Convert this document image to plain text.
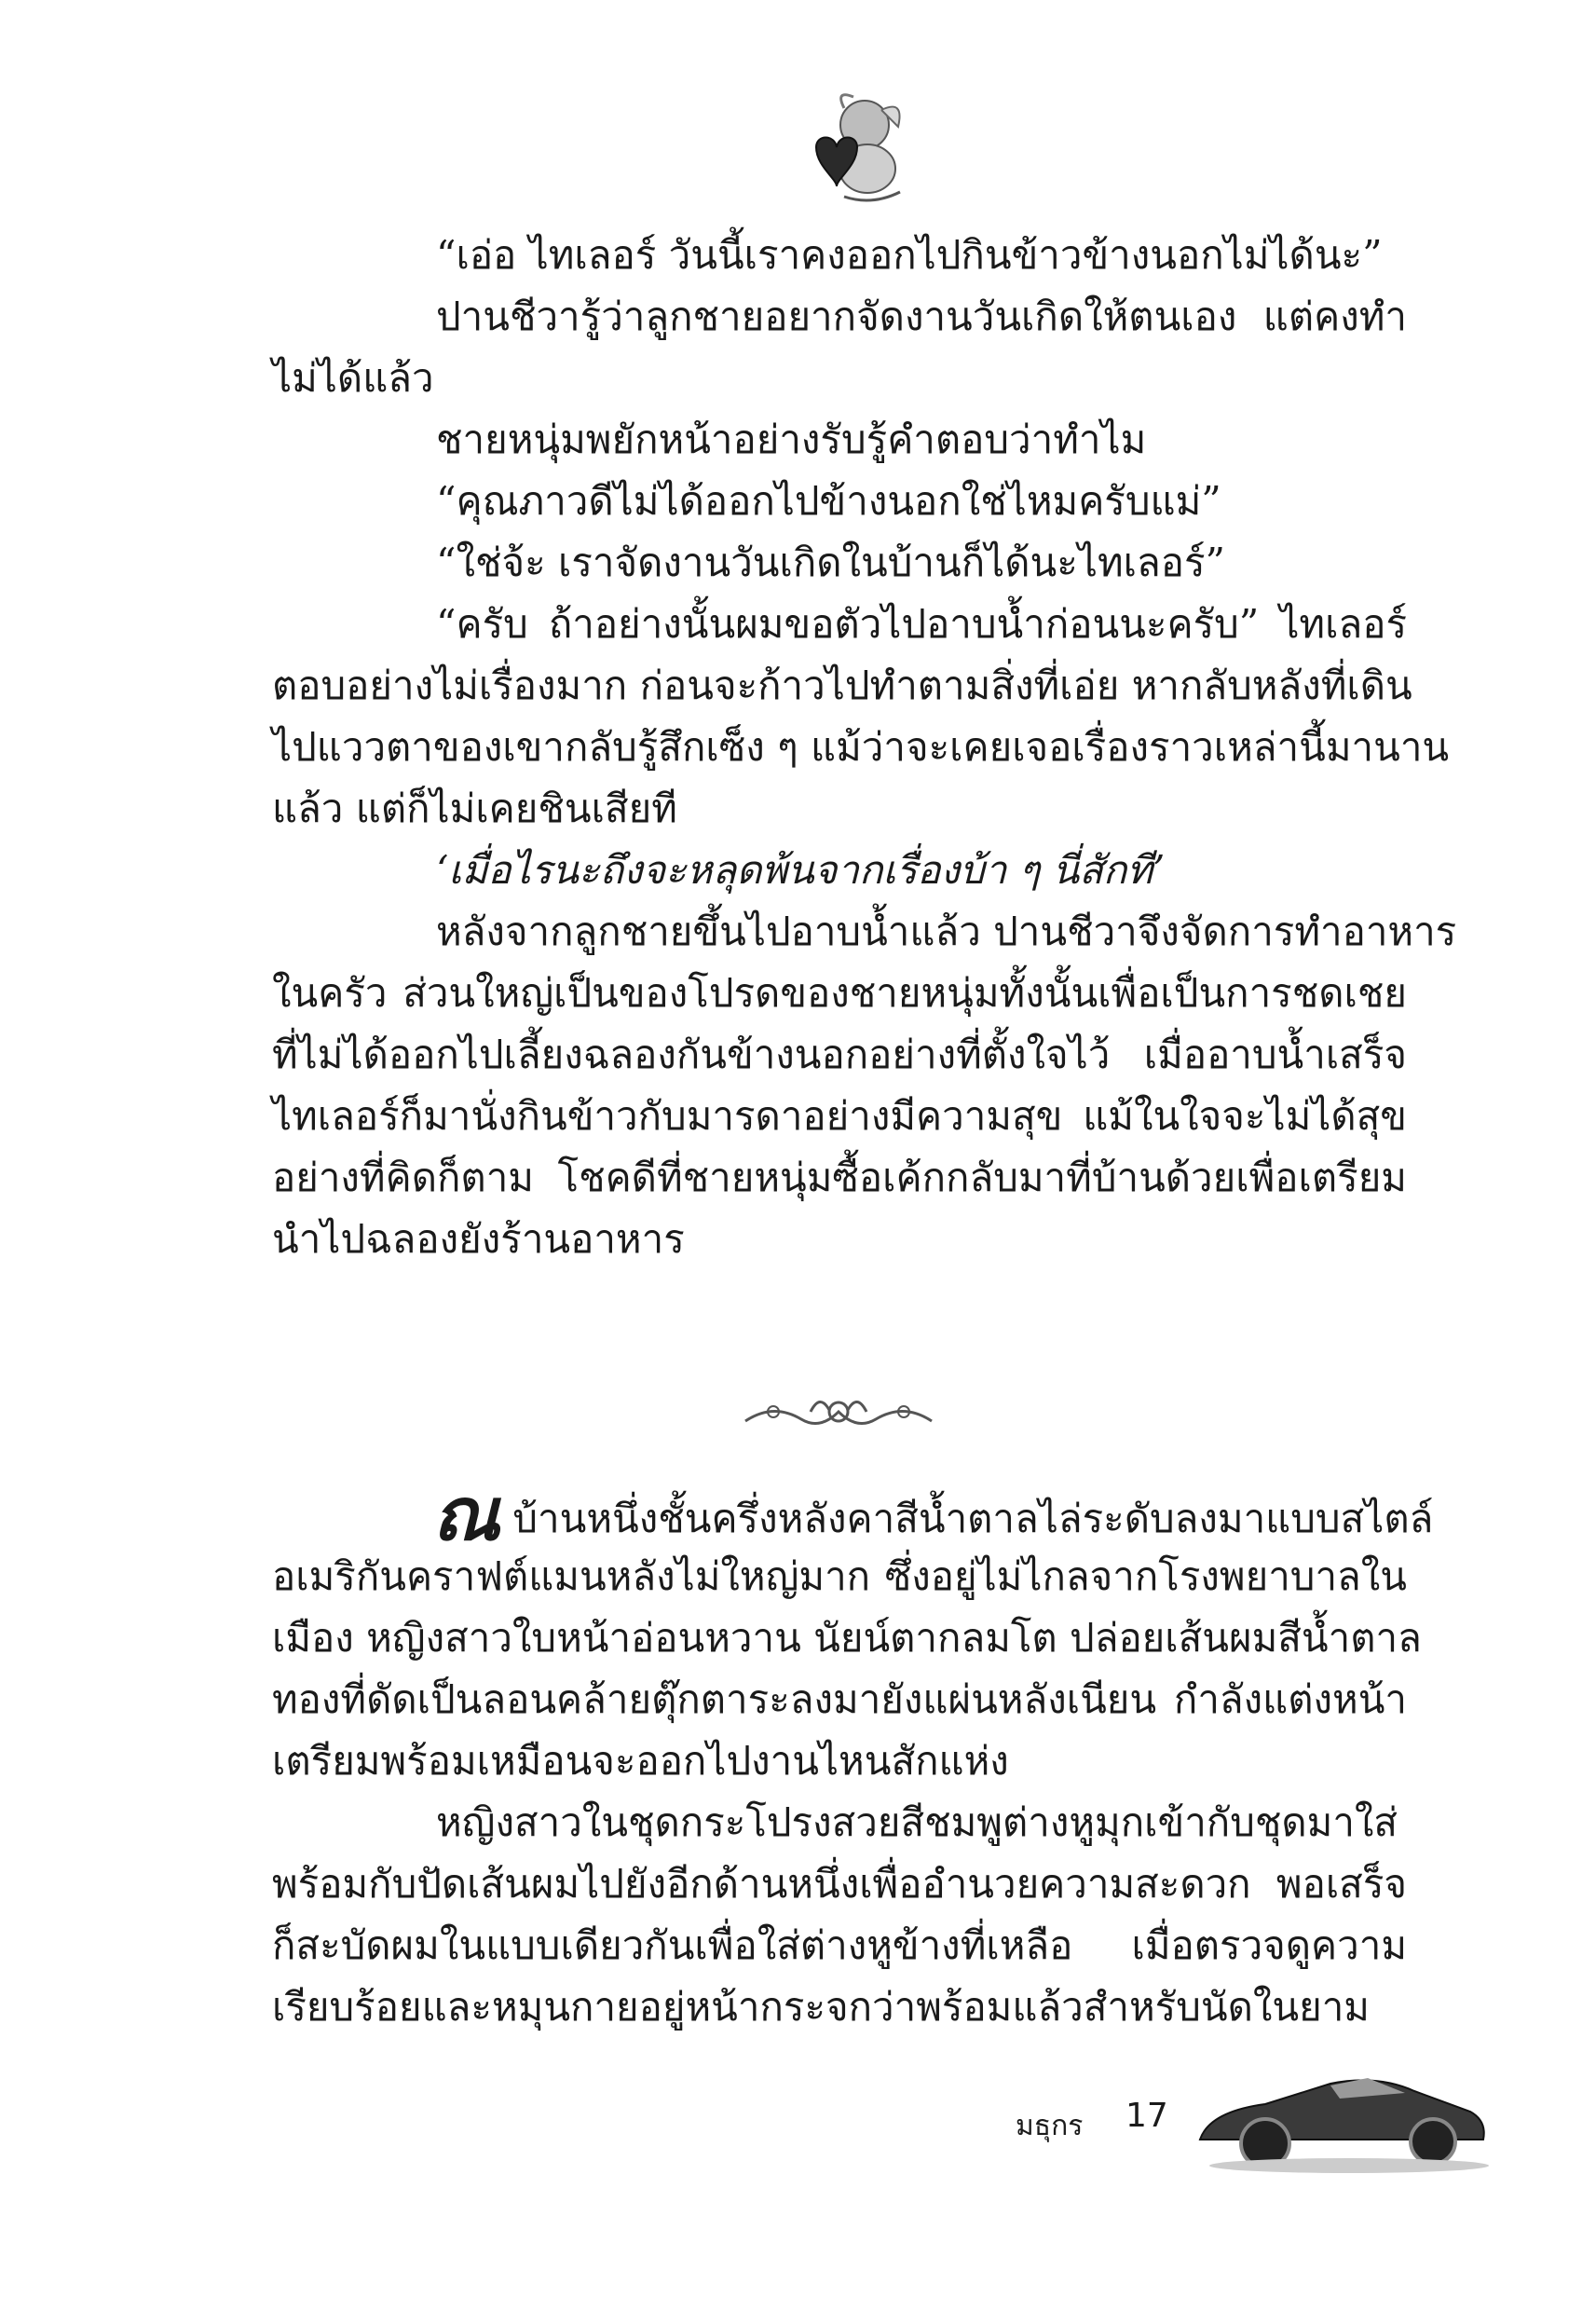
“เอ่อ ไทเลอร์ วันนี้เราคงออกไปกินข้าวข้างนอกไม่ได้นะ”
ปานชีวารู้ว่าลูกชายอยากจัดงานวันเกิดให้ตนเอง แต่คงทำ
ไม่ได้แล้ว
ชายหนุ่มพยักหน้าอย่างรับรู้คำตอบว่าทำไม
“คุณภาวดีไม่ได้ออกไปข้างนอกใช่ไหมครับแม่”
“ใช่จ้ะ เราจัดงานวันเกิดในบ้านก็ได้นะไทเลอร์”
“ครับ ถ้าอย่างนั้นผมขอตัวไปอาบน้ำก่อนนะครับ” ไทเลอร์
ตอบอย่างไม่เรื่องมาก ก่อนจะก้าวไปทำตามสิ่งที่เอ่ย หากลับหลังที่เดิน
ไปแววตาของเขากลับรู้สึกเซ็ง ๆ แม้ว่าจะเคยเจอเรื่องราวเหล่านี้มานาน
แล้ว แต่ก็ไม่เคยชินเสียที
‘เมื่อไรนะถึงจะหลุดพ้นจากเรื่องบ้า ๆ นี่สักที’
หลังจากลูกชายขึ้นไปอาบน้ำแล้ว ปานชีวาจึงจัดการทำอาหาร
ในครัว ส่วนใหญ่เป็นของโปรดของชายหนุ่มทั้งนั้นเพื่อเป็นการชดเชย
ที่ไม่ได้ออกไปเลี้ยงฉลองกันข้างนอกอย่างที่ตั้งใจไว้ เมื่ออาบน้ำเสร็จ
ไทเลอร์ก็มานั่งกินข้าวกับมารดาอย่างมีความสุข แม้ในใจจะไม่ได้สุข
อย่างที่คิดก็ตาม โชคดีที่ชายหนุ่มซื้อเค้กกลับมาที่บ้านด้วยเพื่อเตรียม
นำไปฉลองยังร้านอาหาร
ณบ้านหนึ่งชั้นครึ่งหลังคาสีน้ำตาลไล่ระดับลงมาแบบสไตล์
อเมริกันคราฟต์แมนหลังไม่ใหญ่มาก ซึ่งอยู่ไม่ไกลจากโรงพยาบาลใน
เมือง หญิงสาวใบหน้าอ่อนหวาน นัยน์ตากลมโต ปล่อยเส้นผมสีน้ำตาล
ทองที่ดัดเป็นลอนคล้ายตุ๊กตาระลงมายังแผ่นหลังเนียน กำลังแต่งหน้า
เตรียมพร้อมเหมือนจะออกไปงานไหนสักแห่ง
หญิงสาวในชุดกระโปรงสวยสีชมพูต่างหูมุกเข้ากับชุดมาใส่
พร้อมกับปัดเส้นผมไปยังอีกด้านหนึ่งเพื่ออำนวยความสะดวก พอเสร็จ
ก็สะบัดผมในแบบเดียวกันเพื่อใส่ต่างหูข้างที่เหลือ เมื่อตรวจดูความ
เรียบร้อยและหมุนกายอยู่หน้ากระจกว่าพร้อมแล้วสำหรับนัดในยาม
มธุกร 17
